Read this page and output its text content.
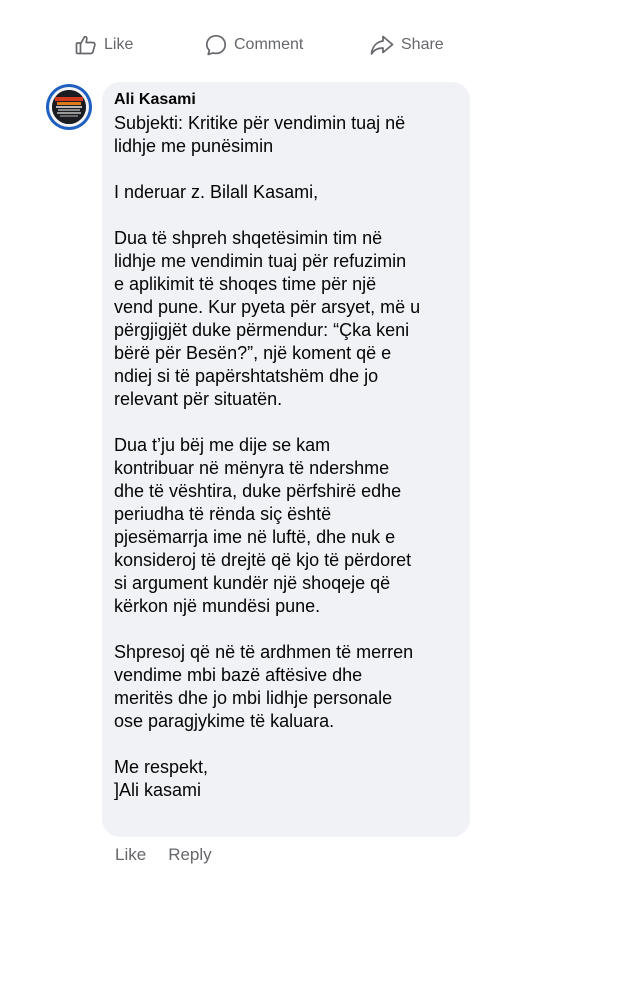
Like	Comment	Share
Ali Kasami
Subjekti: Kritike për vendimin tuaj në
lidhje me punësimin
I nderuar z. Bilall Kasami,
Dua të shpreh shqetësimin tim në
lidhje me vendimin tuaj për refuzimin
e aplikimit të shoqes time për një
vend pune. Kur pyeta për arsyet, më u
përgjigjët duke përmendur: “Çka keni
bërë për Besën?”, një koment që e
ndiej si të papërshtatshëm dhe jo
relevant për situatën.
Dua t’ju bëj me dije se kam
kontribuar në mënyra të ndershme
dhe të vështira, duke përfshirë edhe
periudha të rënda siç është
pjesëmarrja ime në luftë, dhe nuk e
konsideroj të drejtë që kjo të përdoret
si argument kundër një shoqeje që
kërkon një mundësi pune.
Shpresoj që në të ardhmen të merren
vendime mbi bazë aftësive dhe
meritës dhe jo mbi lidhje personale
ose paragjykime të kaluara.
Me respekt,
]Ali kasami
Like Reply
